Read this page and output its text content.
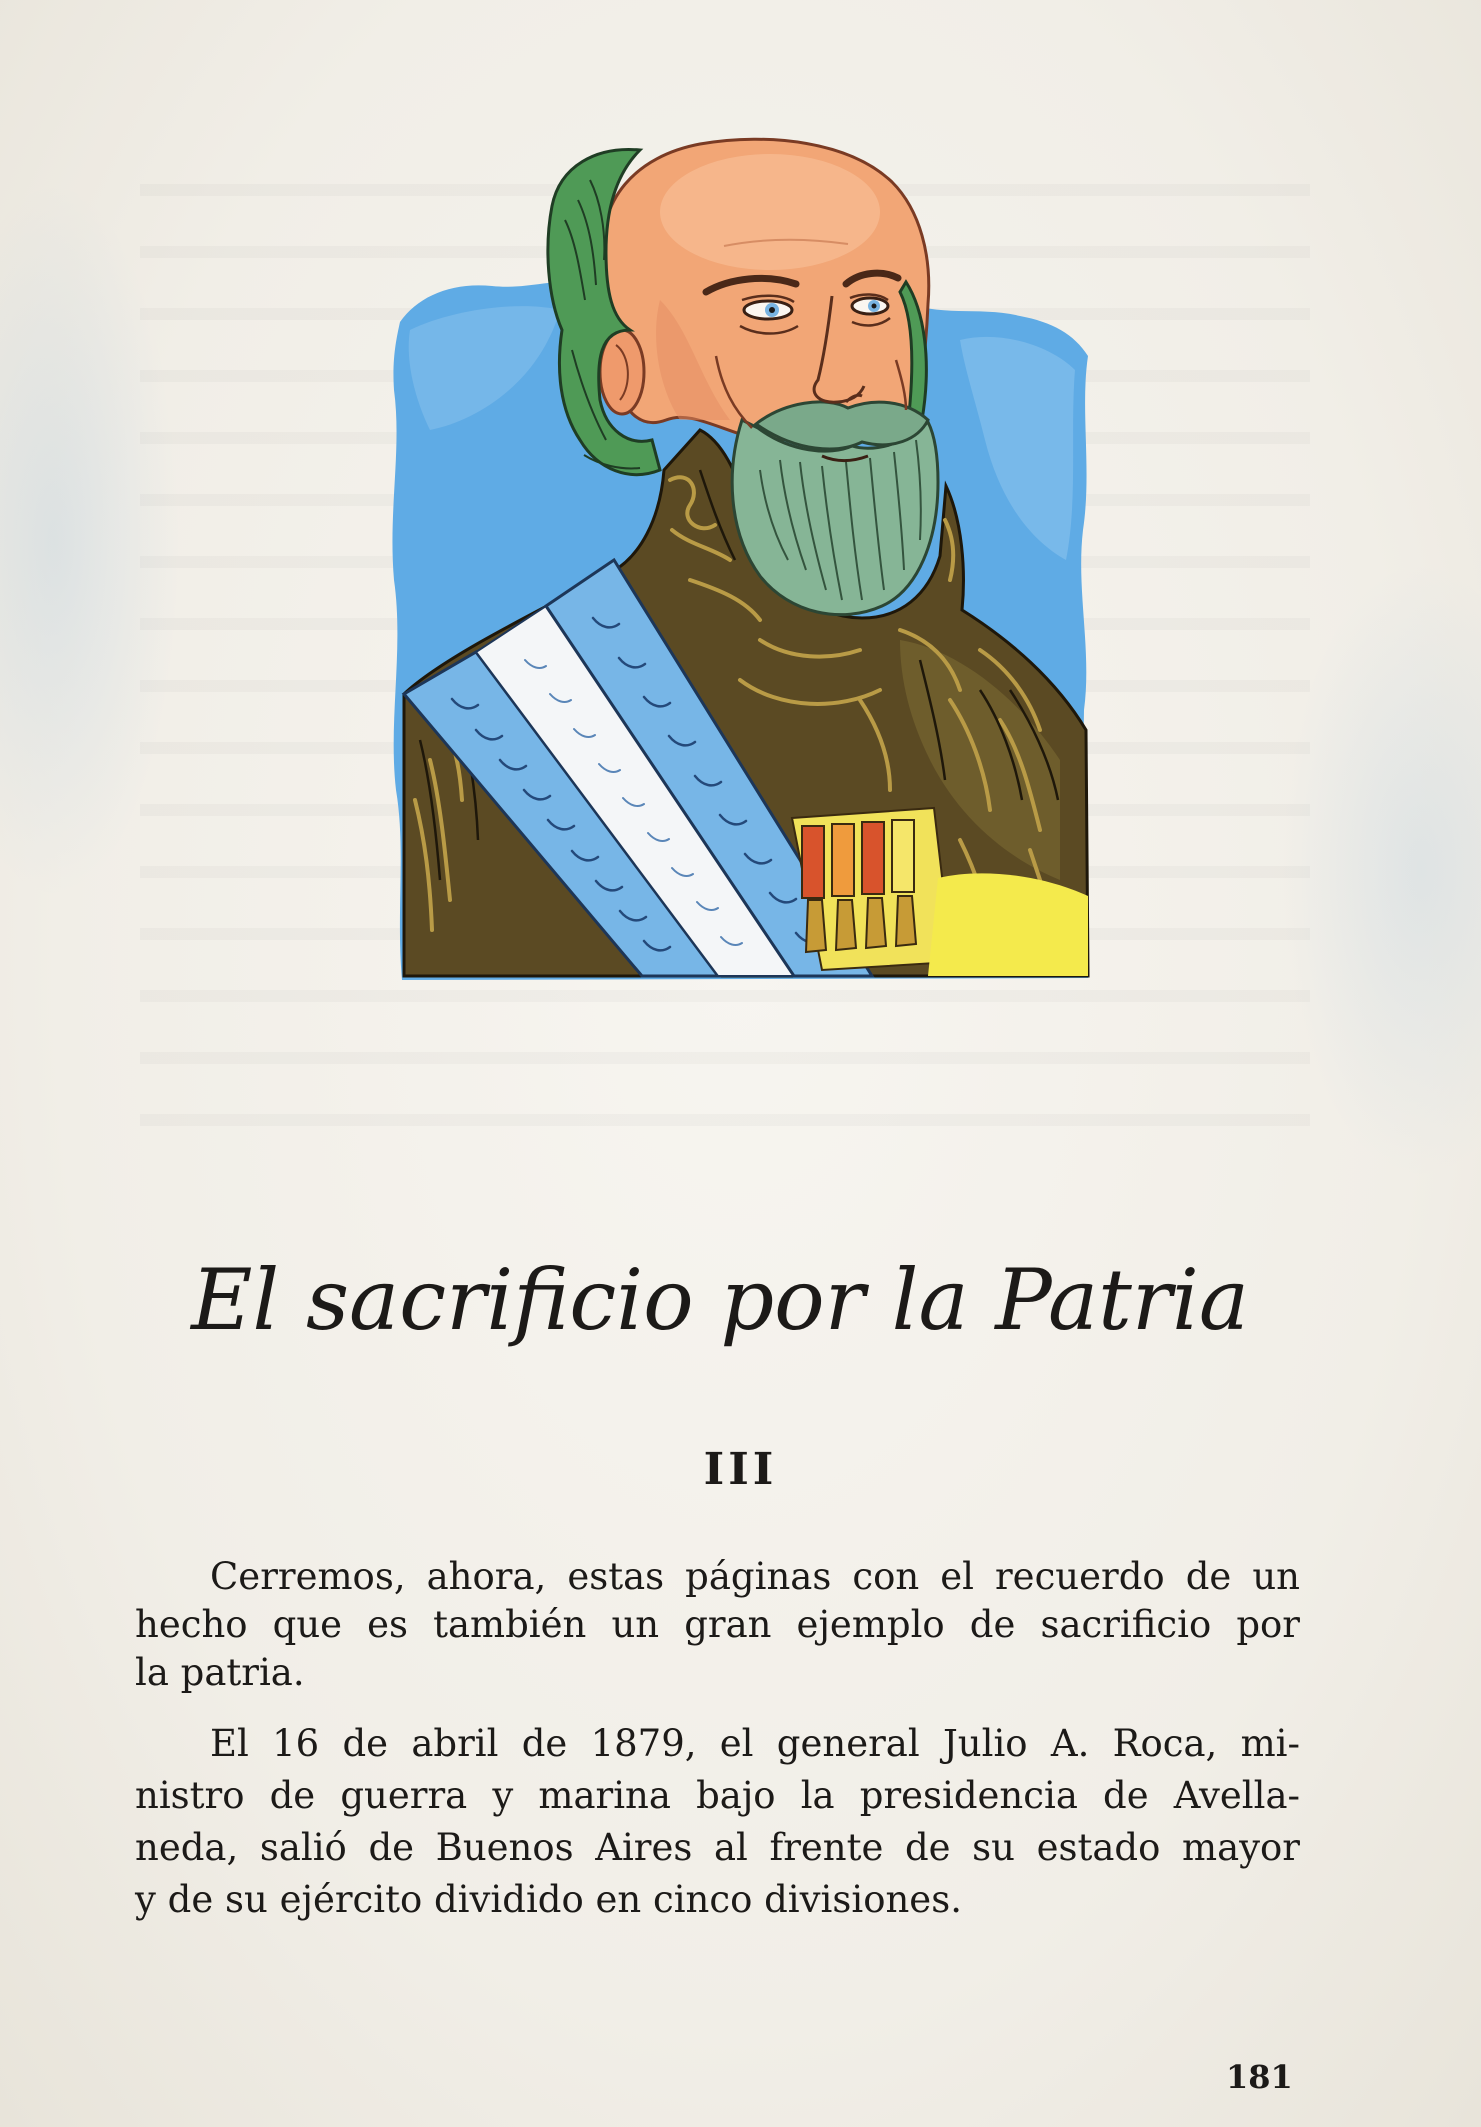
El sacrificio por la Patria
III
Cerremos, ahora, estas páginas con el recuerdo de un
hecho que es también un gran ejemplo de sacrificio por
la patria.
El 16 de abril de 1879, el general Julio A. Roca, mi-
nistro de guerra y marina bajo la presidencia de Avella-
neda, salió de Buenos Aires al frente de su estado mayor
y de su ejército dividido en cinco divisiones.
181
